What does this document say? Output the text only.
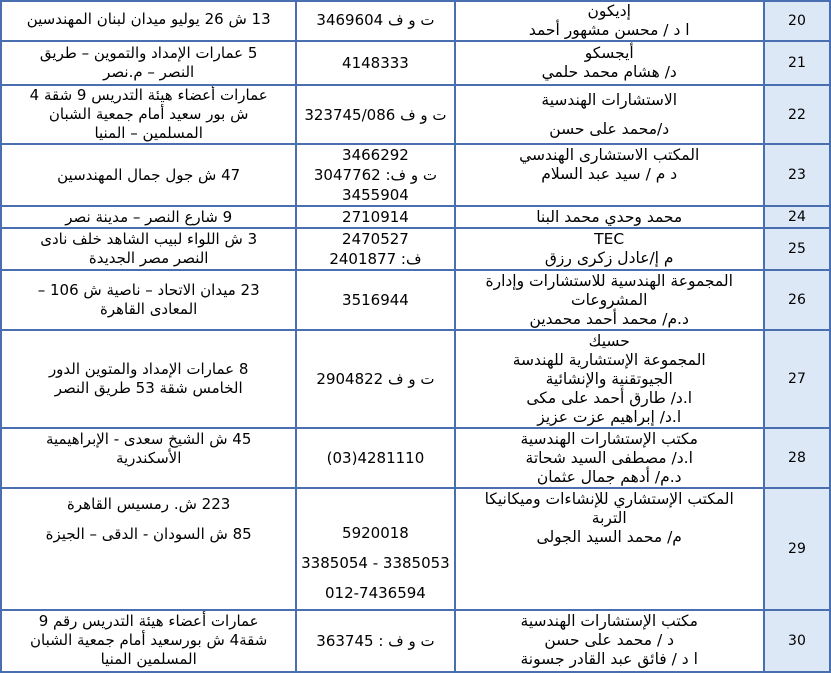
13 ش 26 يوليو ميدان لبنان المهندسين	ت و ف 3469604	إديكون
ا د / محسن مشهور أحمد	20

5 عمارات الإمداد والتموين – طريق
النصر – م.نصر	4148333	أيجسكو
د/ هشام محمد حلمي	21

عمارات أعضاء هيئة التدريس 9 شقة 4
ش بور سعيد أمام جمعية الشبان
المسلمين – المنيا	ت و ف 323745/086	الاستشارات الهندسية
د/محمد على حسن	22

47 ش جول جمال المهندسين	3466292
ت و ف: 3047762
3455904	المكتب الاستشارى الهندسي
د م / سيد عبد السلام	23

9 شارع النصر – مدينة نصر	2710914	محمد وحدي محمد البنا	24

3 ش اللواء لبيب الشاهد خلف نادى
النصر مصر الجديدة	2470527
ف: 2401877	TEC
م إ/عادل زكرى رزق	25

23 ميدان الاتحاد – ناصية ش 106 –
المعادى القاهرة	3516944	المجموعة الهندسية للاستشارات وإدارة
المشروعات
د.م/ محمد أحمد محمدين	26

8 عمارات الإمداد والمتوين الدور
الخامس شقة 53 طريق النصر	ت و ف 2904822	حسيك
المجموعة الإستشارية للهندسة
الجيوتقنية والإنشائية
ا.د/ طارق أحمد على مكى
ا.د/ إبراهيم عزت عزيز	27

45 ش الشيخ سعدى - الإبراهيمية
الأسكندرية	4281110(03)	مكتب الإستشارات الهندسية
ا.د/ مصطفى السيد شحاتة
د.م/ أدهم جمال عثمان	28

223 ش. رمسيس القاهرة
85 ش السودان - الدقى – الجيزة	5920018
3385053 - 3385054
012-7436594	المكتب الإستشاري للإنشاءات وميكانيكا
التربة
م/ محمد السيد الجولى	29

عمارات أعضاء هيئة التدريس رقم 9
شقة4 ش بورسعيد أمام جمعية الشبان
المسلمين المنيا	ت و ف : 363745	مكتب الإستشارات الهندسية
د / محمد على حسن
ا د / فائق عبد القادر جسونة	30
